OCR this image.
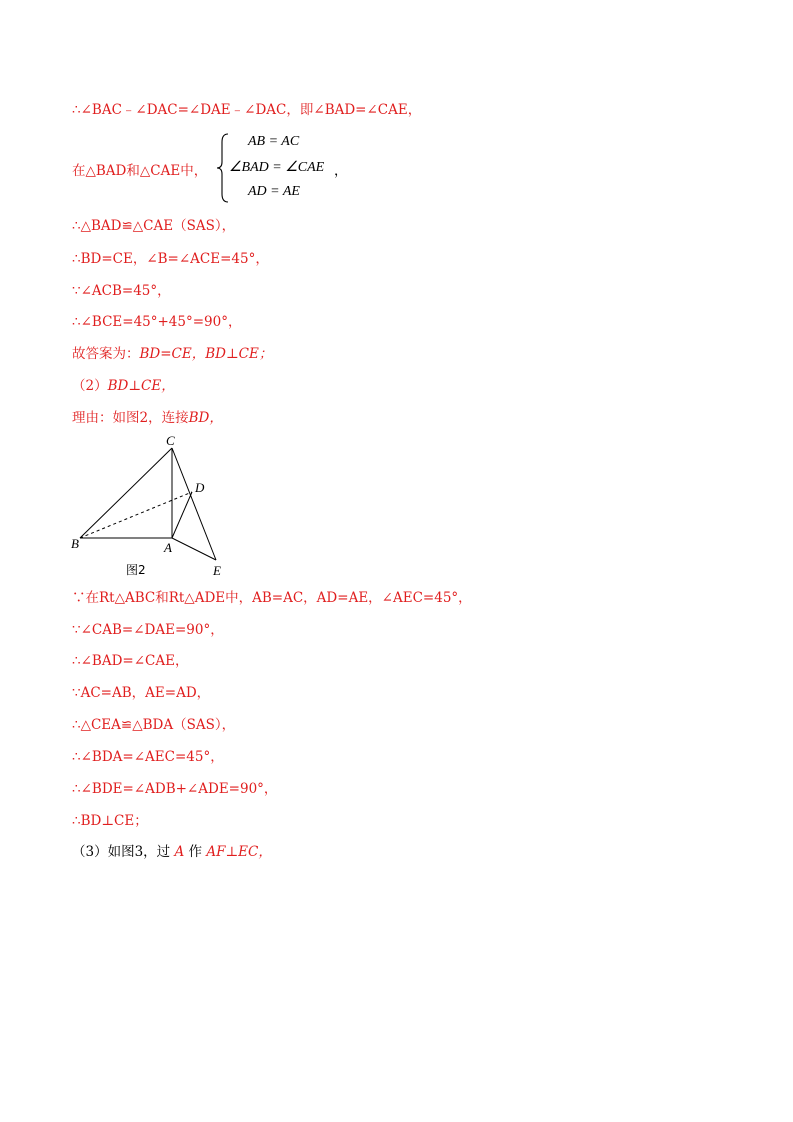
∴∠BAC﹣∠DAC=∠DAE﹣∠DAC，即∠BAD=∠CAE，
在△BAD和△CAE中，
AB = AC
∠BAD = ∠CAE ，
AD = AE
∴△BAD≌△CAE（SAS），
∴BD=CE，∠B=∠ACE=45°，
∵∠ACB=45°，
∴∠BCE=45°+45°=90°，
故答案为：BD=CE，BD⊥CE；
（2）BD⊥CE，
理由：如图2，连接BD，
C
D
B	A
E
图2
∵在Rt△ABC和Rt△ADE中，AB=AC，AD=AE，∠AEC=45°，
∵∠CAB=∠DAE=90°，
∴∠BAD=∠CAE，
∵AC=AB，AE=AD，
∴△CEA≌△BDA（SAS），
∴∠BDA=∠AEC=45°，
∴∠BDE=∠ADB+∠ADE=90°，
∴BD⊥CE；
（3）如图3，过 A 作 AF⊥EC，
